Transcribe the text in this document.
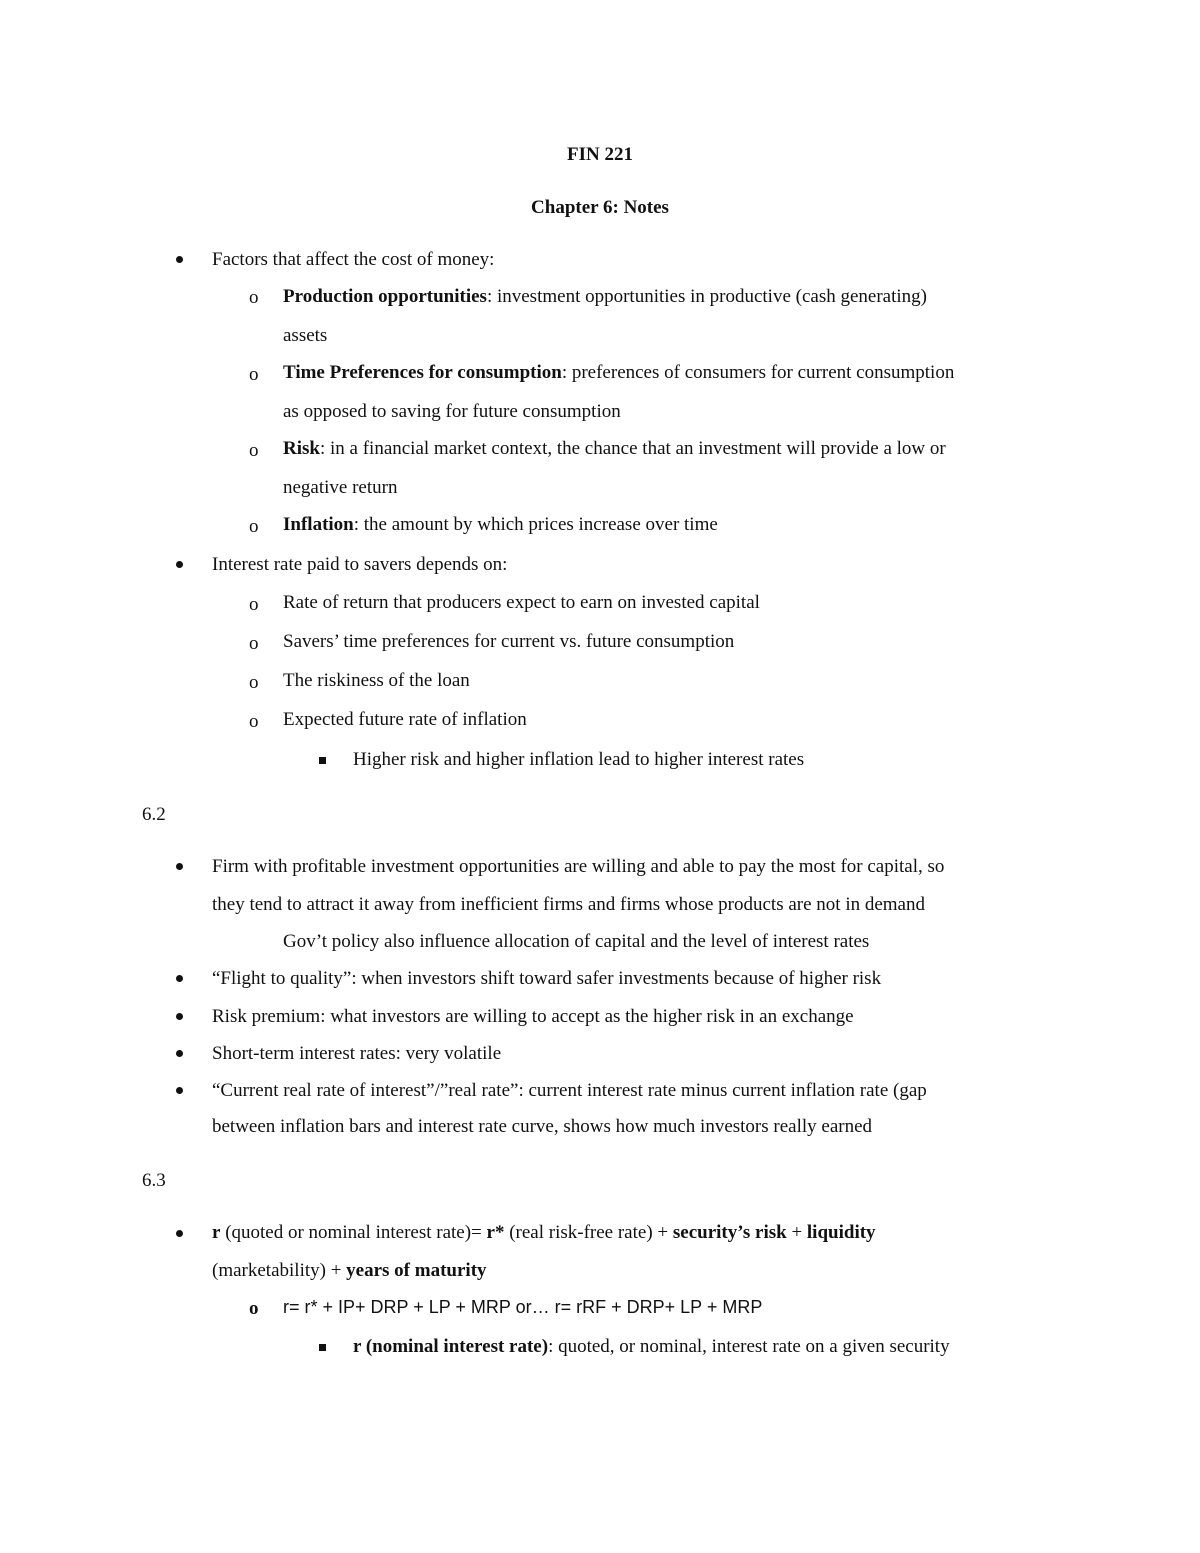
FIN 221
Chapter 6: Notes
Factors that affect the cost of money:
o Production opportunities: investment opportunities in productive (cash generating)
assets
o Time Preferences for consumption: preferences of consumers for current consumption
as opposed to saving for future consumption
o Risk: in a financial market context, the chance that an investment will provide a low or
negative return
o Inflation: the amount by which prices increase over time
Interest rate paid to savers depends on:
o Rate of return that producers expect to earn on invested capital
o Savers’ time preferences for current vs. future consumption
o The riskiness of the loan
o Expected future rate of inflation
Higher risk and higher inflation lead to higher interest rates
6.2
Firm with profitable investment opportunities are willing and able to pay the most for capital, so
they tend to attract it away from inefficient firms and firms whose products are not in demand
Gov’t policy also influence allocation of capital and the level of interest rates
“Flight to quality”: when investors shift toward safer investments because of higher risk
Risk premium: what investors are willing to accept as the higher risk in an exchange
Short-term interest rates: very volatile
“Current real rate of interest”/”real rate”: current interest rate minus current inflation rate (gap
between inflation bars and interest rate curve, shows how much investors really earned
6.3
r (quoted or nominal interest rate)= r* (real risk-free rate) + security’s risk + liquidity
(marketability) + years of maturity
o r= r* + IP+ DRP + LP + MRP or… r= rRF + DRP+ LP + MRP
r (nominal interest rate): quoted, or nominal, interest rate on a given security
